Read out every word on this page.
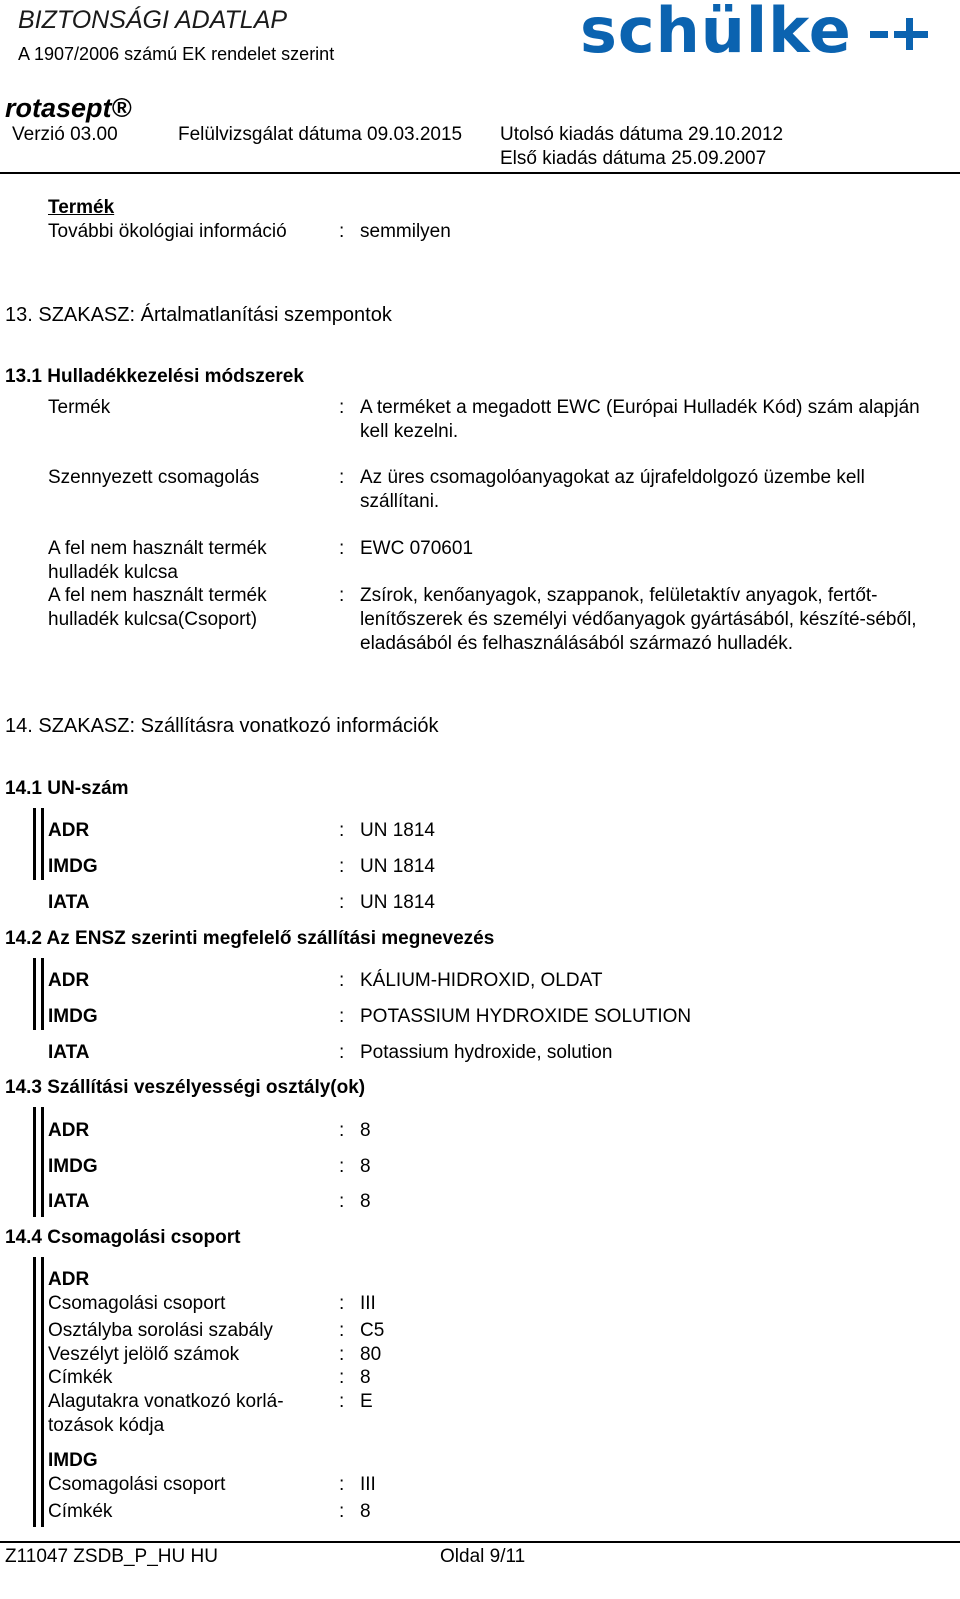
BIZTONSÁGI ADATLAP
A 1907/2006 számú EK rendelet szerint
rotasept®
Verzió 03.00	Felülvizsgálat dátuma 09.03.2015 Utolsó kiadás dátuma 29.10.2012
Első kiadás dátuma 25.09.2007
schülke
Termék
További ökológiai információ	: semmilyen
13. SZAKASZ: Ártalmatlanítási szempontok
13.1 Hulladékkezelési módszerek
Termék	: A terméket a megadott EWC (Európai Hulladék Kód) szám alapján kell kezelni.
Szennyezett csomagolás	: Az üres csomagolóanyagokat az újrafeldolgozó üzembe kell szállítani.
A fel nem használt termék hulladék kulcsa
: EWC 070601
A fel nem használt termék hulladék kulcsa(Csoport)
: Zsírok, kenőanyagok, szappanok, felületaktív anyagok, fertőt-lenítőszerek és személyi védőanyagok gyártásából, készíté-séből, eladásából és felhasználásából származó hulladék.
14. SZAKASZ: Szállításra vonatkozó információk
14.1 UN-szám
ADR	: UN 1814
IMDG	: UN 1814
IATA	: UN 1814
14.2 Az ENSZ szerinti megfelelő szállítási megnevezés
ADR	: KÁLIUM-HIDROXID, OLDAT
IMDG	: POTASSIUM HYDROXIDE SOLUTION
IATA	: Potassium hydroxide, solution
14.3 Szállítási veszélyességi osztály(ok)
ADR	: 8
IMDG	: 8
IATA	: 8
14.4 Csomagolási csoport
ADR
Csomagolási csoport	: III
Osztályba sorolási szabály	: C5
Veszélyt jelölő számok	: 80
Címkék	: 8
Alagutakra vonatkozó korlá-tozások kódja
: E
IMDG
Csomagolási csoport	: III
Címkék	: 8
Z11047 ZSDB_P_HU HU	Oldal 9/11
